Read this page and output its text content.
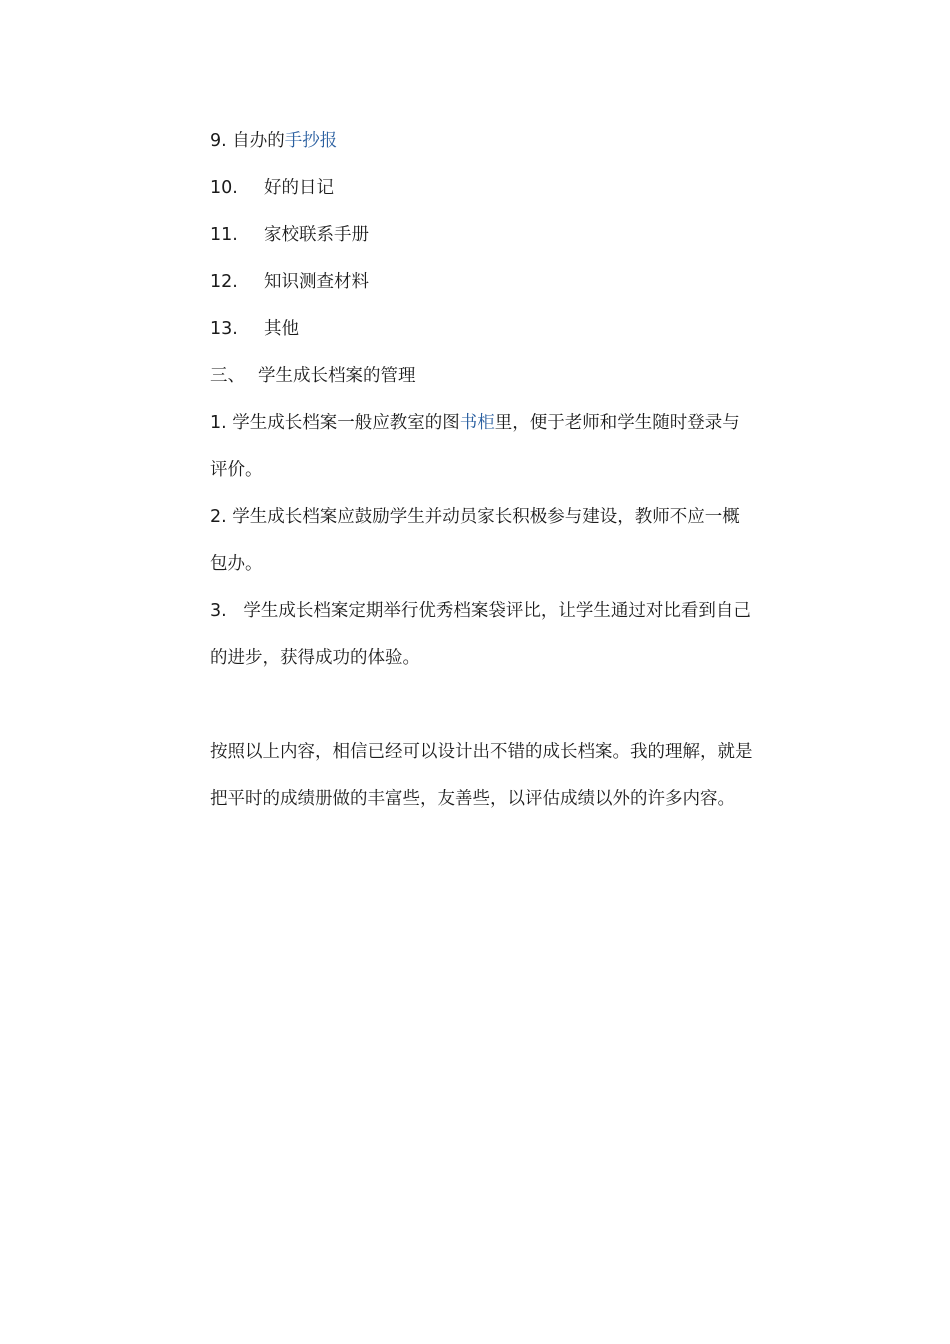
9. 自办的手抄报
10. 好的日记
11. 家校联系手册
12. 知识测查材料
13. 其他
三、 学生成长档案的管理
1. 学生成长档案一般应教室的图书柜里，便于老师和学生随时登录与
评价。
2. 学生成长档案应鼓励学生并动员家长积极参与建设，教师不应一概
包办。
3. 学生成长档案定期举行优秀档案袋评比，让学生通过对比看到自己
的进步，获得成功的体验。
按照以上内容，相信已经可以设计出不错的成长档案。我的理解，就是
把平时的成绩册做的丰富些，友善些，以评估成绩以外的许多内容。
